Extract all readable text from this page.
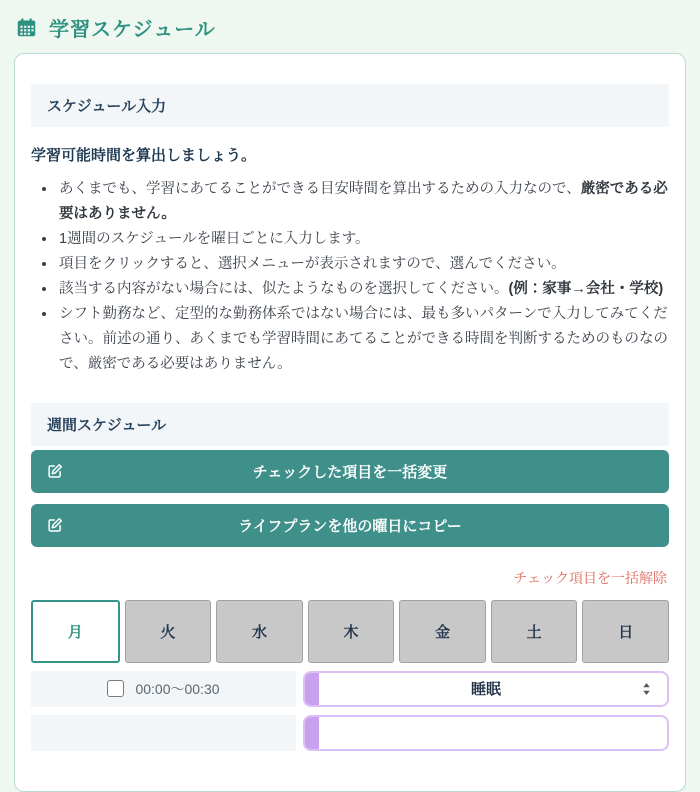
学習スケジュール
スケジュール入力

学習可能時間を算出しましょう。

• あくまでも、学習にあてることができる目安時間を算出するための入力なので、厳密である必要はありません。
• 1週間のスケジュールを曜日ごとに入力します。
• 項目をクリックすると、選択メニューが表示されますので、選んでください。
• 該当する内容がない場合には、似たようなものを選択してください。(例：家事→会社・学校)
• シフト勤務など、定型的な勤務体系ではない場合には、最も多いパターンで入力してみてください。前述の通り、あくまでも学習時間にあてることができる時間を判断するためのものなので、厳密である必要はありません。
週間スケジュール
チェックした項目を一括変更
ライフプランを他の曜日にコピー
チェック項目を一括解除
月	火	水	木	金	土	日
00:00〜00:30	睡眠
